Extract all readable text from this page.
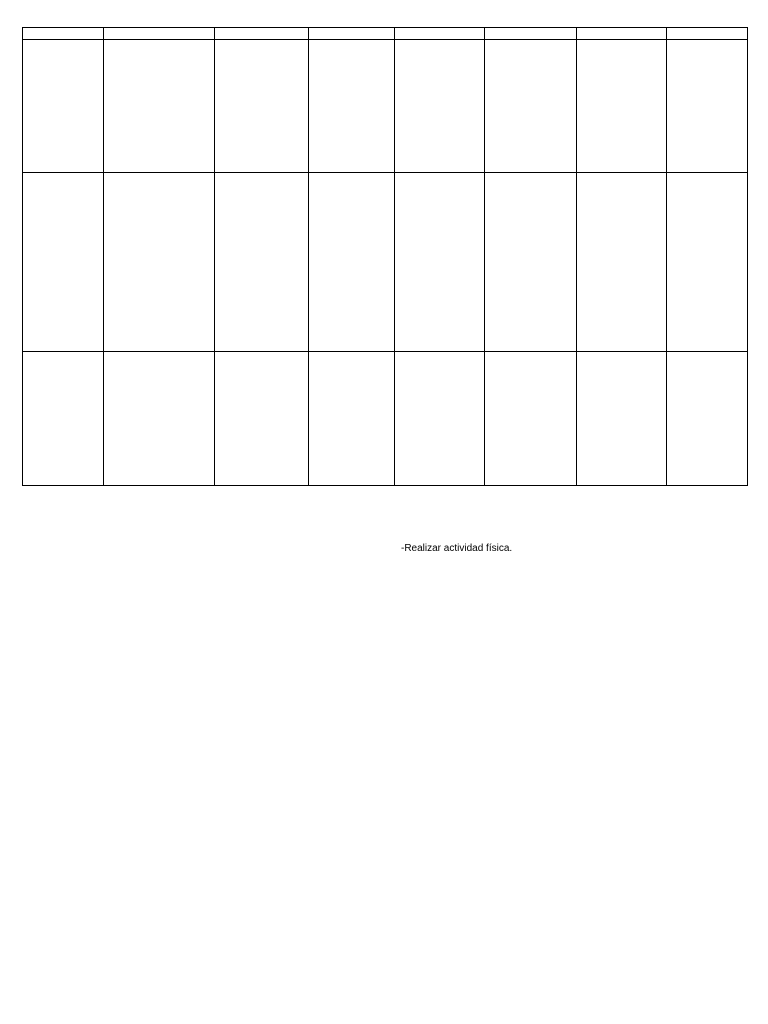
-Realizar actividad física.
